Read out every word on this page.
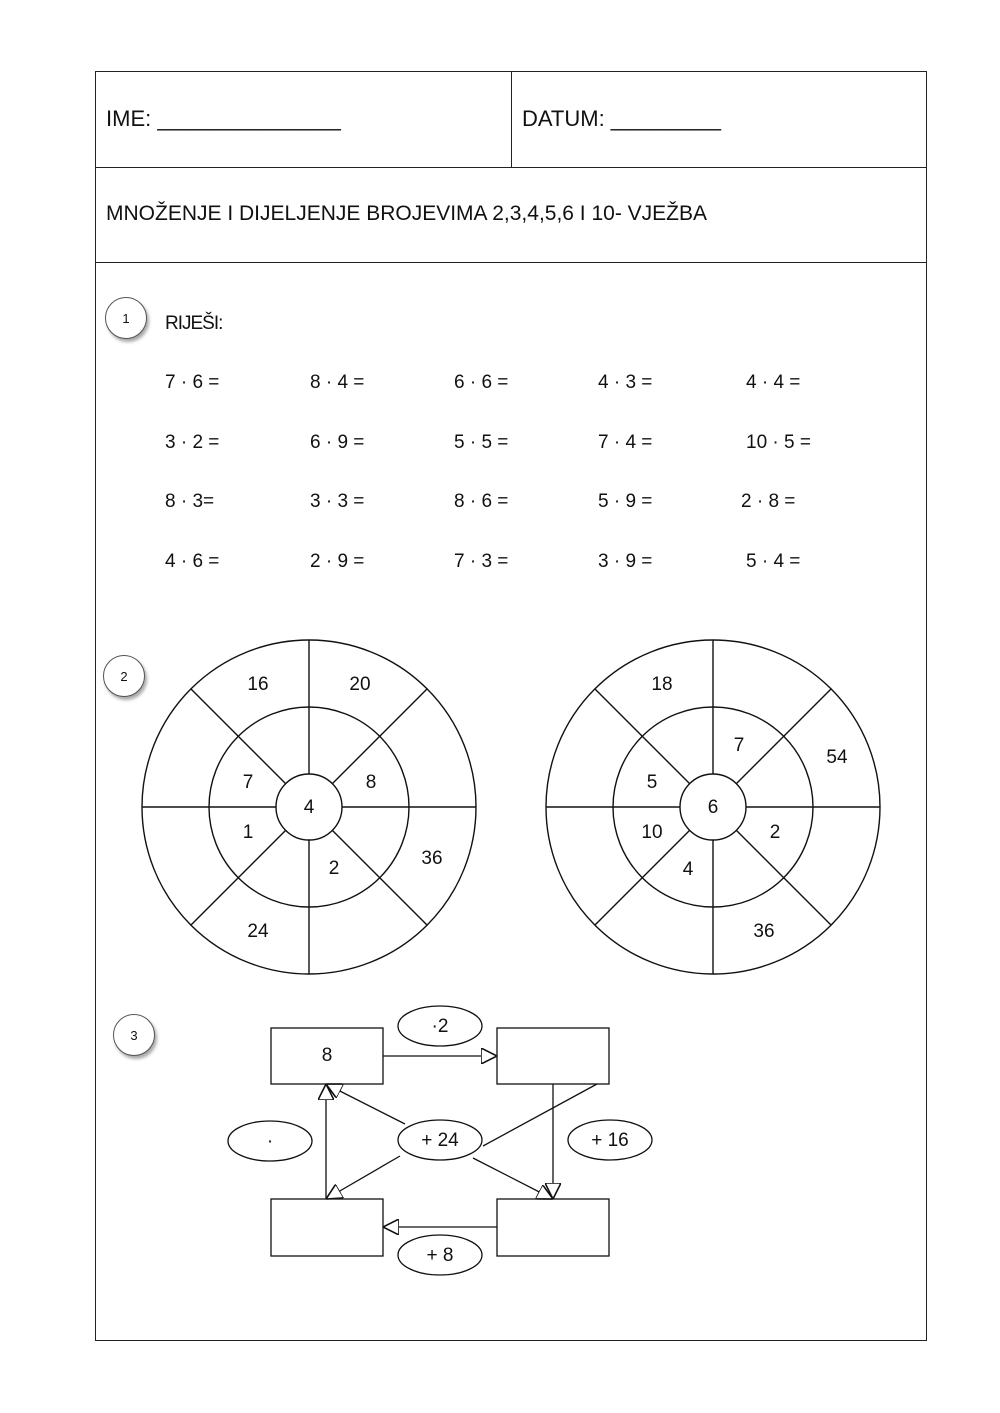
IME: _______________	DATUM: _________
MNOŽENJE I DIJELJENJE BROJEVIMA 2,3,4,5,6 I 10- VJEŽBA
1 RIJEŠI:
7 · 6 =	8 · 4 =	6 · 6 =	4 · 3 =	4 · 4 =
3 · 2 =	6 · 9 =	5 · 5 =	7 · 4 =	10 · 5 =
8 · 3=	3 · 3 =	8 · 6 =	5 · 9 =	2 · 8 =
4 · 6 =	2 · 9 =	7 · 3 =	3 · 9 =	5 · 4 =
2
4
7	8
1
2
16	20
36
24
6
5
7
10	2
4
18
54
36
3
8
·2
·	+ 24	+ 16
+ 8
